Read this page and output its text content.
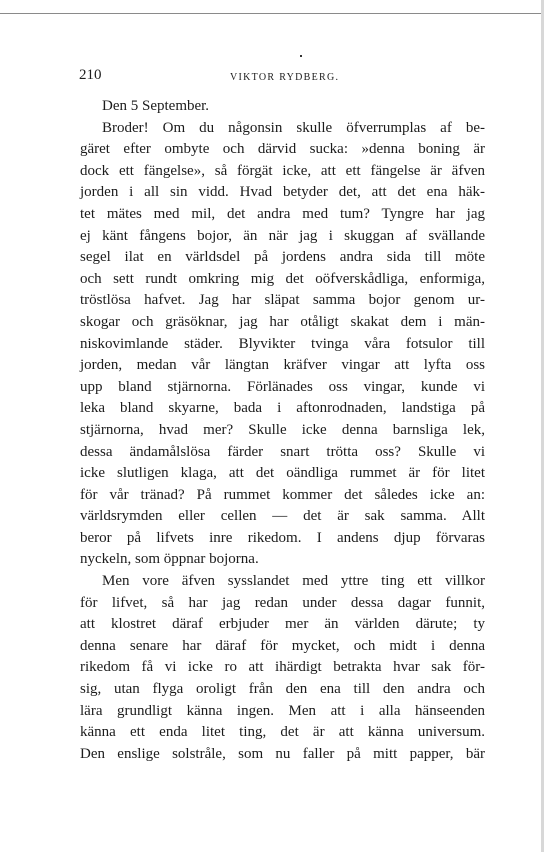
210	VIKTOR RYDBERG.
Den 5 September.
Broder! Om du någonsin skulle öfverrumplas af be-
gäret efter ombyte och därvid sucka: »denna boning är
dock ett fängelse», så förgät icke, att ett fängelse är äfven
jorden i all sin vidd. Hvad betyder det, att det ena häk-
tet mätes med mil, det andra med tum? Tyngre har jag
ej känt fångens bojor, än när jag i skuggan af svällande
segel ilat en världsdel på jordens andra sida till möte
och sett rundt omkring mig det oöfverskådliga, enformiga,
tröstlösa hafvet. Jag har släpat samma bojor genom ur-
skogar och gräsöknar, jag har otåligt skakat dem i män-
niskovimlande städer. Blyvikter tvinga våra fotsulor till
jorden, medan vår längtan kräfver vingar att lyfta oss
upp bland stjärnorna. Förlänades oss vingar, kunde vi
leka bland skyarne, bada i aftonrodnaden, landstiga på
stjärnorna, hvad mer? Skulle icke denna barnsliga lek,
dessa ändamålslösa färder snart trötta oss? Skulle vi
icke slutligen klaga, att det oändliga rummet är för litet
för vår tränad? På rummet kommer det således icke an:
världsrymden eller cellen — det är sak samma. Allt
beror på lifvets inre rikedom. I andens djup förvaras
nyckeln, som öppnar bojorna.
Men vore äfven sysslandet med yttre ting ett villkor
för lifvet, så har jag redan under dessa dagar funnit,
att klostret däraf erbjuder mer än världen därute; ty
denna senare har däraf för mycket, och midt i denna
rikedom få vi icke ro att ihärdigt betrakta hvar sak för-
sig, utan flyga oroligt från den ena till den andra och
lära grundligt känna ingen. Men att i alla hänseenden
känna ett enda litet ting, det är att känna universum.
Den enslige solstråle, som nu faller på mitt papper, bär
